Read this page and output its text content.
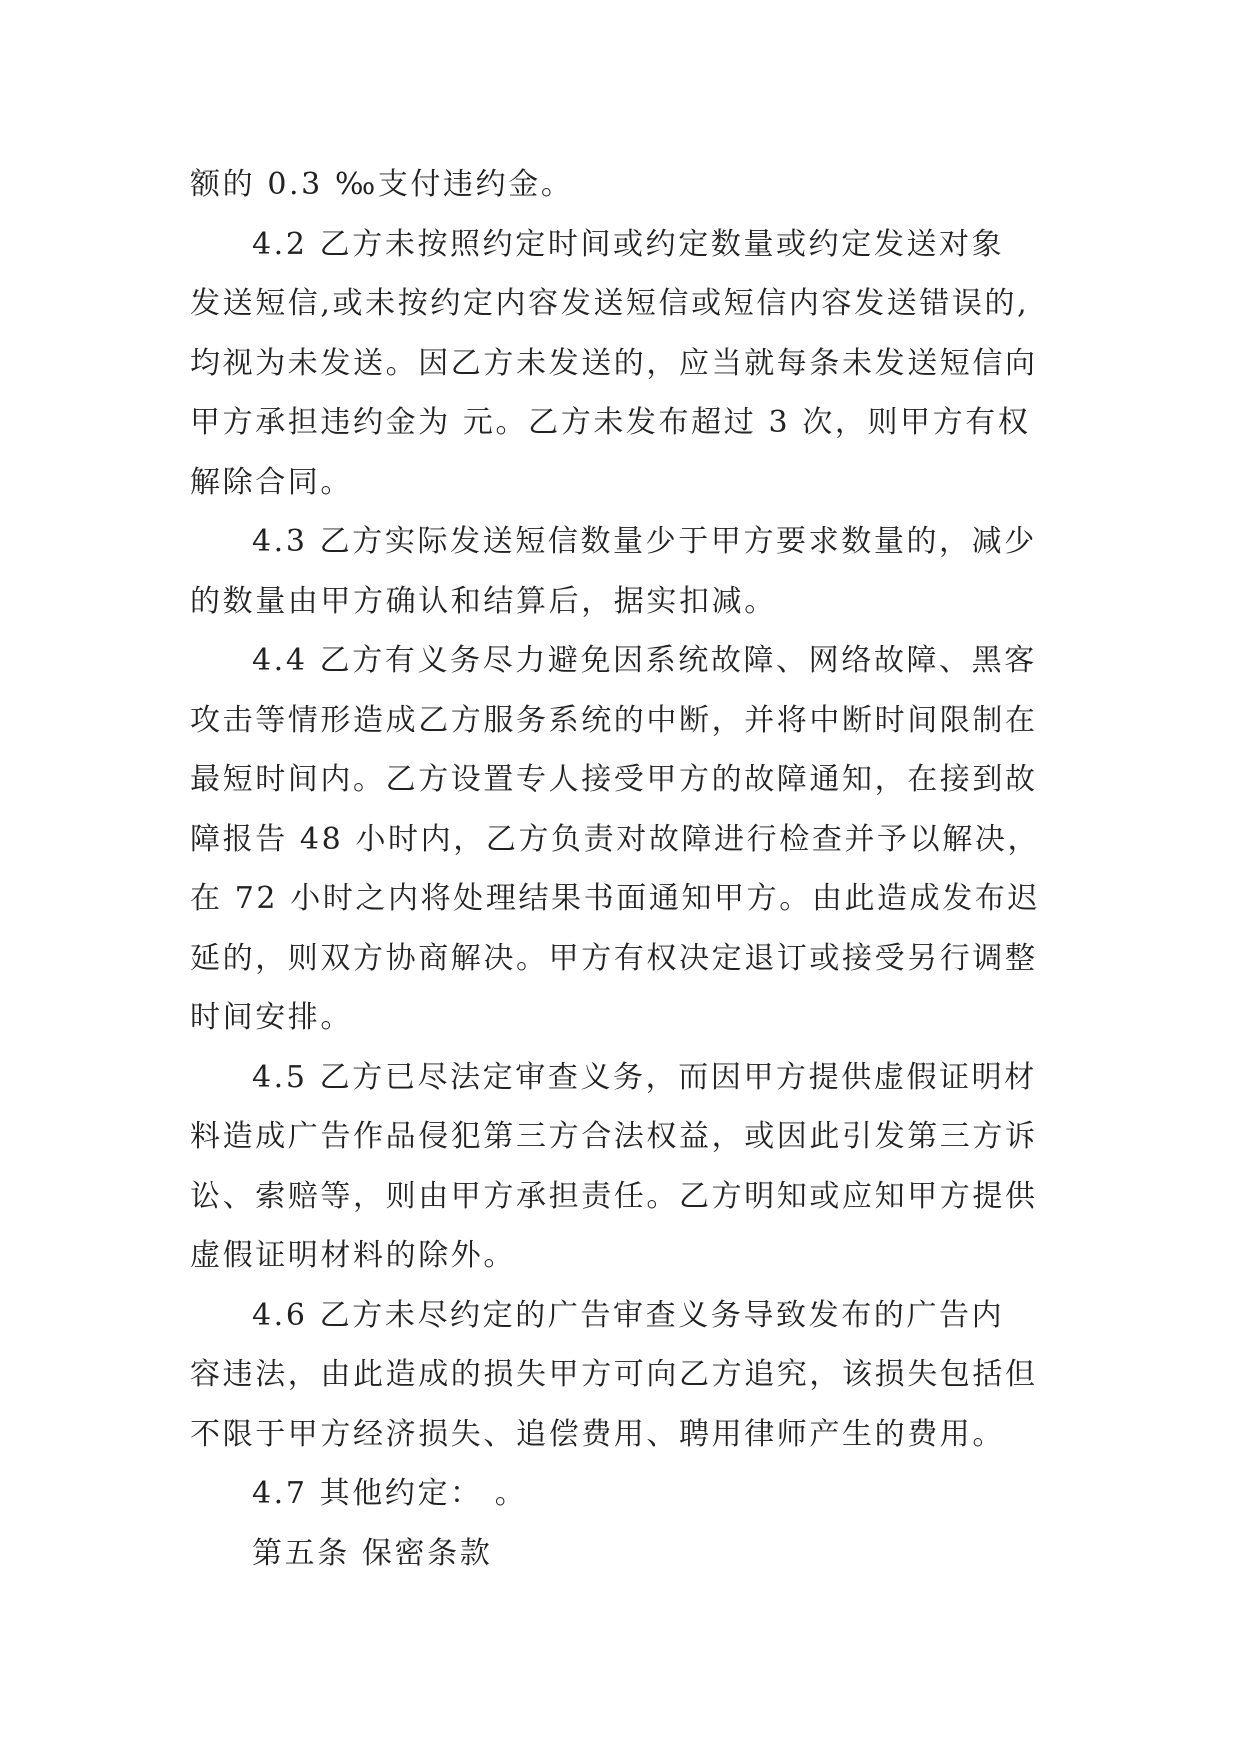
额的 0.3 ‰支付违约金。
4.2 乙方未按照约定时间或约定数量或约定发送对象
发送短信,或未按约定内容发送短信或短信内容发送错误的,
均视为未发送。因乙方未发送的，应当就每条未发送短信向
甲方承担违约金为 元。乙方未发布超过 3 次，则甲方有权
解除合同。
4.3 乙方实际发送短信数量少于甲方要求数量的，减少
的数量由甲方确认和结算后，据实扣减。
4.4 乙方有义务尽力避免因系统故障、网络故障、黑客
攻击等情形造成乙方服务系统的中断，并将中断时间限制在
最短时间内。乙方设置专人接受甲方的故障通知，在接到故
障报告 48 小时内，乙方负责对故障进行检查并予以解决，
在 72 小时之内将处理结果书面通知甲方。由此造成发布迟
延的，则双方协商解决。甲方有权决定退订或接受另行调整
时间安排。
4.5 乙方已尽法定审查义务，而因甲方提供虚假证明材
料造成广告作品侵犯第三方合法权益，或因此引发第三方诉
讼、索赔等，则由甲方承担责任。乙方明知或应知甲方提供
虚假证明材料的除外。
4.6 乙方未尽约定的广告审查义务导致发布的广告内
容违法，由此造成的损失甲方可向乙方追究，该损失包括但
不限于甲方经济损失、追偿费用、聘用律师产生的费用。
4.7 其他约定： 。
第五条 保密条款
